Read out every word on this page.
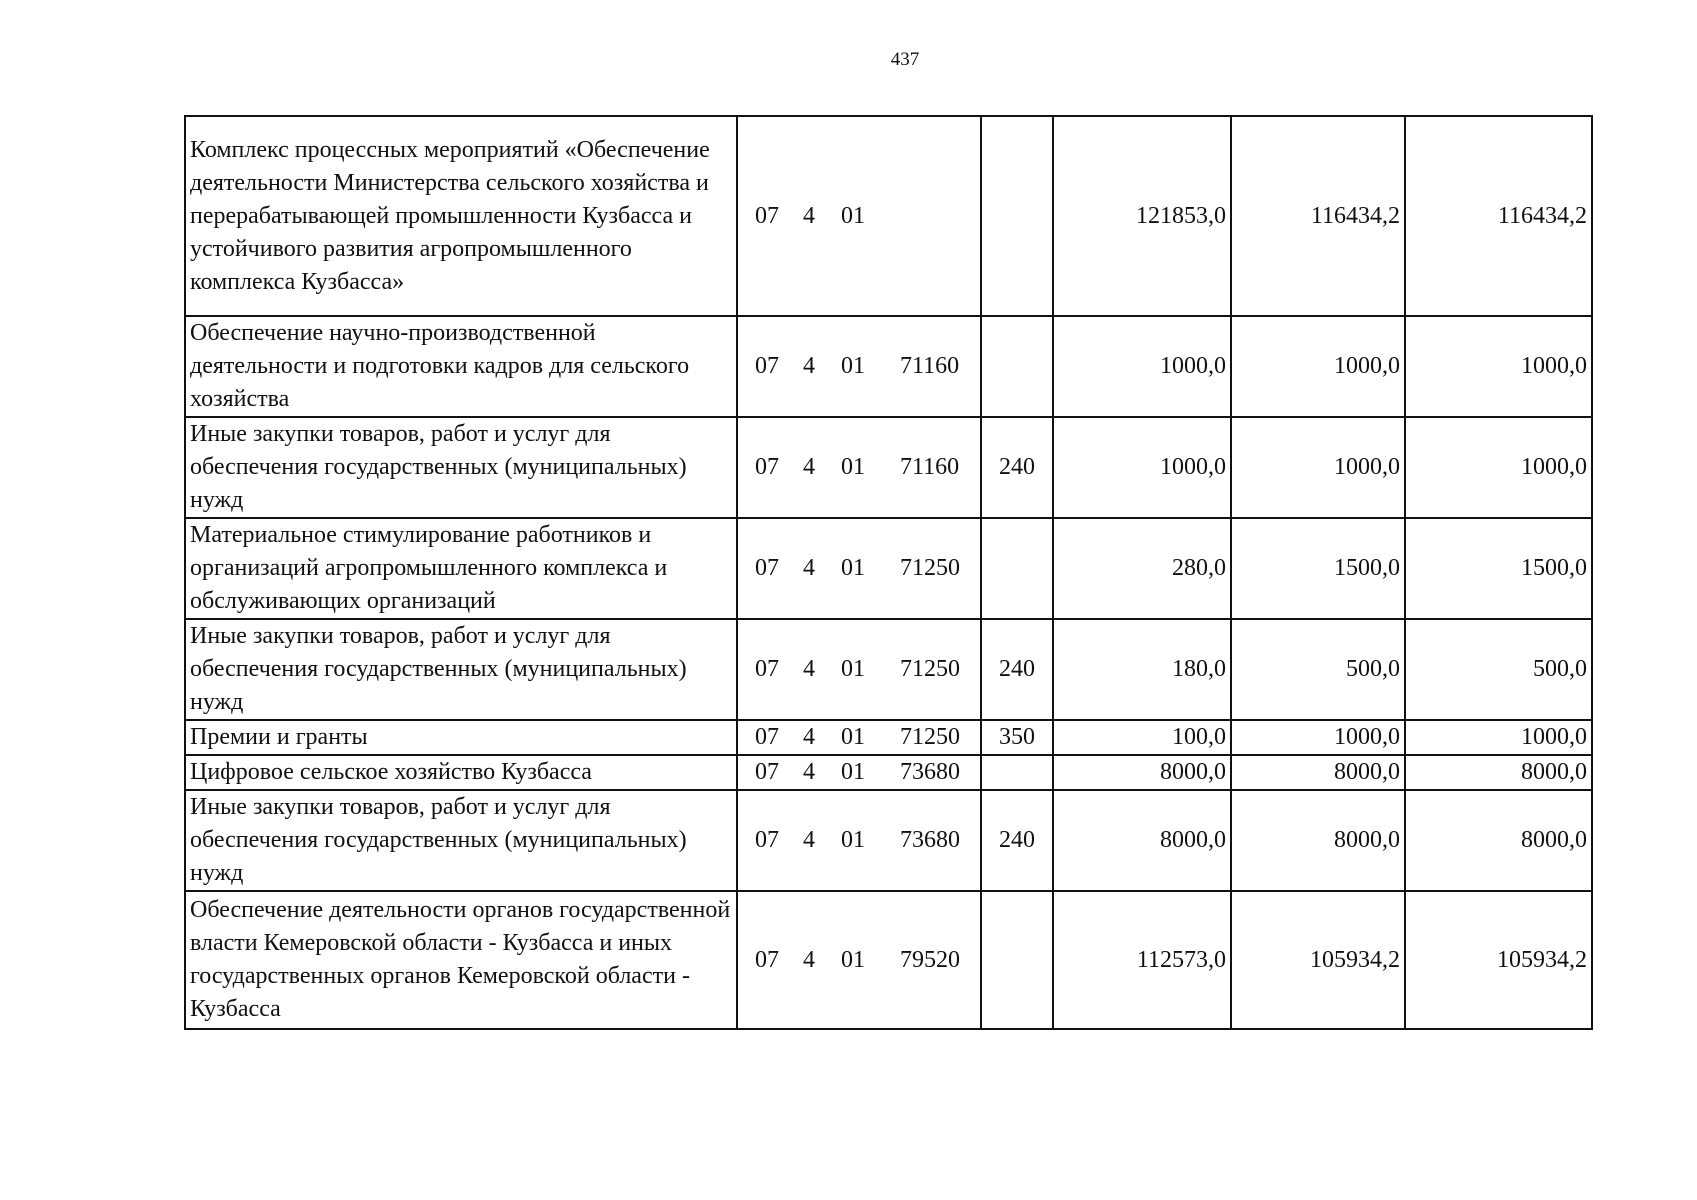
437
Комплекс процессных мероприятий «Обеспечение деятельности Министерства сельского хозяйства и перерабатывающей промышленности Кузбасса и устойчивого развития агропромышленного комплекса Кузбасса»	07 4 01		121853,0	116434,2	116434,2
Обеспечение научно-производственной деятельности и подготовки кадров для сельского хозяйства	07 4 01 71160		1000,0	1000,0	1000,0
Иные закупки товаров, работ и услуг для обеспечения государственных (муниципальных) нужд	07 4 01 71160	240	1000,0	1000,0	1000,0
Материальное стимулирование работников и организаций агропромышленного комплекса и обслуживающих организаций	07 4 01 71250		280,0	1500,0	1500,0
Иные закупки товаров, работ и услуг для обеспечения государственных (муниципальных) нужд	07 4 01 71250	240	180,0	500,0	500,0
Премии и гранты	07 4 01 71250	350	100,0	1000,0	1000,0
Цифровое сельское хозяйство Кузбасса	07 4 01 73680		8000,0	8000,0	8000,0
Иные закупки товаров, работ и услуг для обеспечения государственных (муниципальных) нужд	07 4 01 73680	240	8000,0	8000,0	8000,0
Обеспечение деятельности органов государственной власти Кемеровской области - Кузбасса и иных государственных органов Кемеровской области - Кузбасса	07 4 01 79520		112573,0	105934,2	105934,2
